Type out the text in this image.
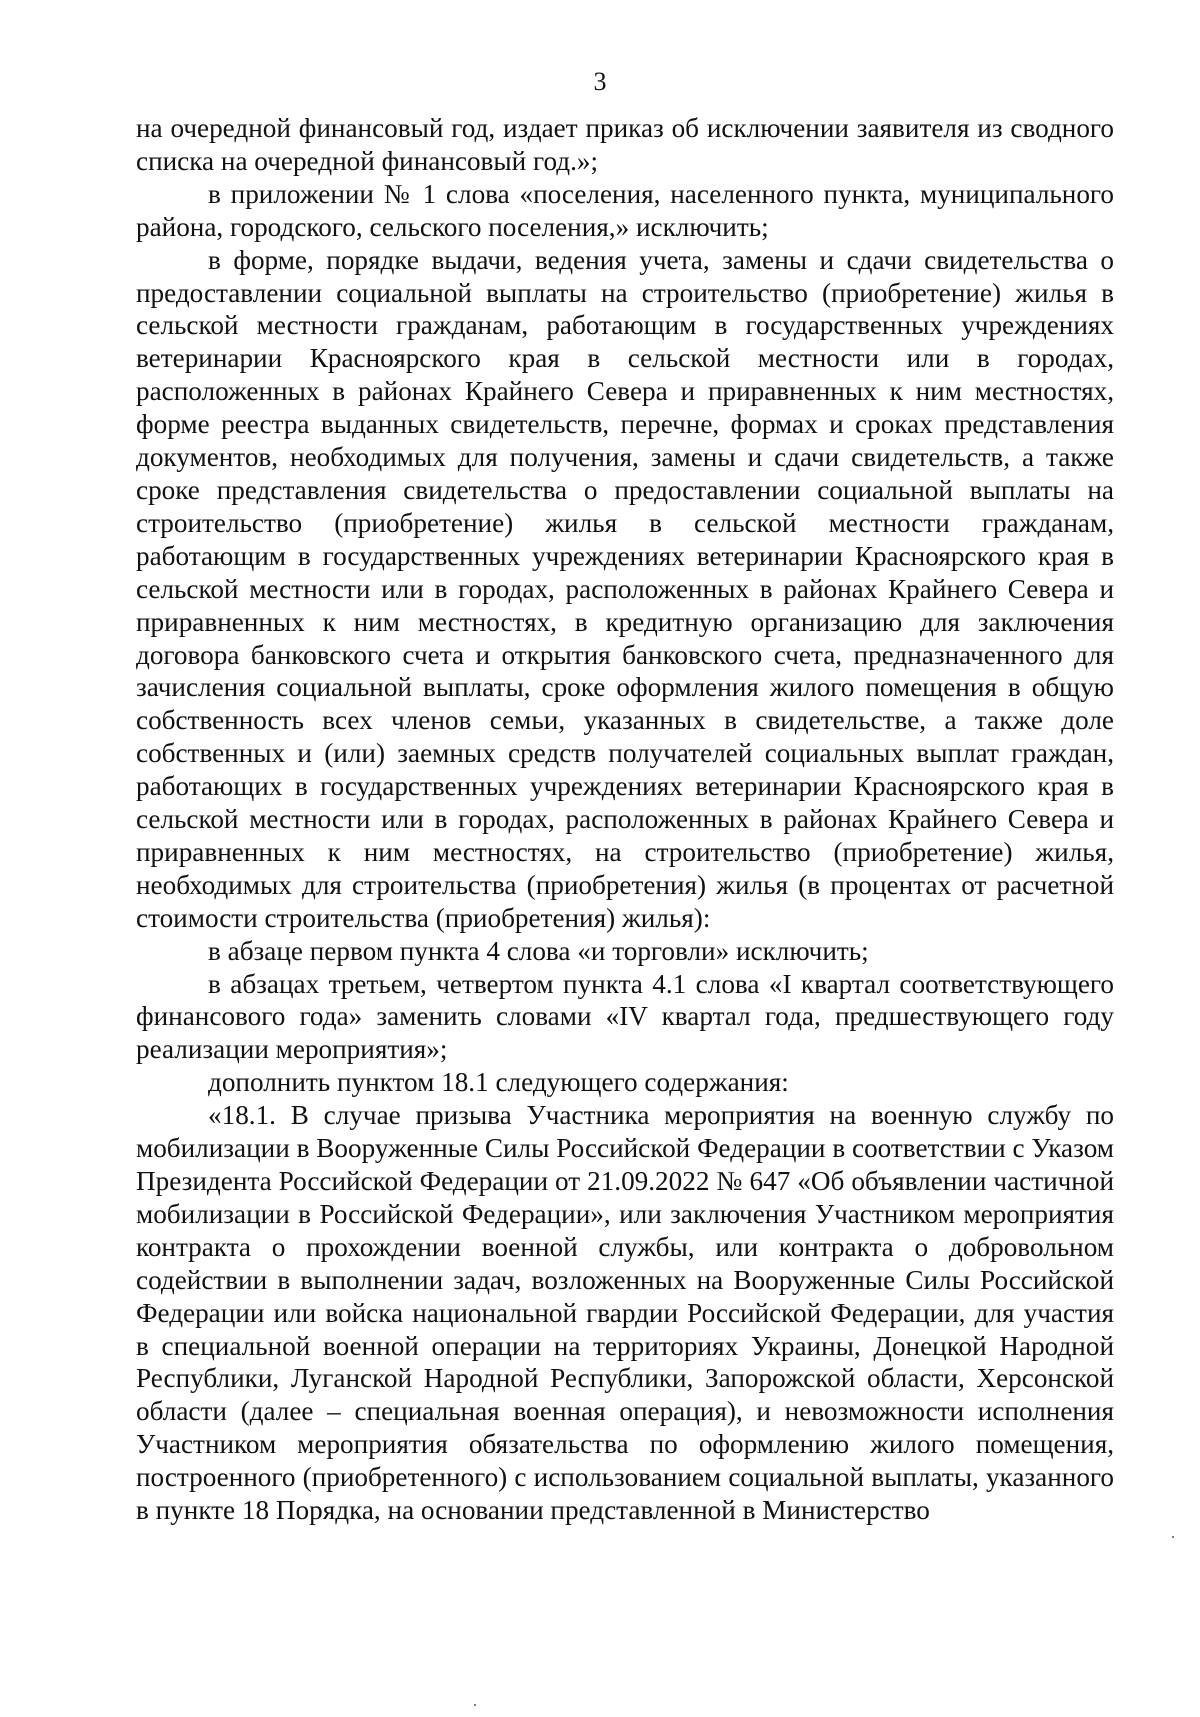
3

на очередной финансовый год, издает приказ об исключении заявителя из сводного списка на очередной финансовый год.»;

в приложении № 1 слова «поселения, населенного пункта, муниципального района, городского, сельского поселения,» исключить;

в форме, порядке выдачи, ведения учета, замены и сдачи свидетельства о предоставлении социальной выплаты на строительство (приобретение) жилья в сельской местности гражданам, работающим в государственных учреждениях ветеринарии Красноярского края в сельской местности или в городах, расположенных в районах Крайнего Севера и приравненных к ним местностях, форме реестра выданных свидетельств, перечне, формах и сроках представления документов, необходимых для получения, замены и сдачи свидетельств, а также сроке представления свидетельства о предоставлении социальной выплаты на строительство (приобретение) жилья в сельской местности гражданам, работающим в государственных учреждениях ветеринарии Красноярского края в сельской местности или в городах, расположенных в районах Крайнего Севера и приравненных к ним местностях, в кредитную организацию для заключения договора банковского счета и открытия банковского счета, предназначенного для зачисления социальной выплаты, сроке оформления жилого помещения в общую собственность всех членов семьи, указанных в свидетельстве, а также доле собственных и (или) заемных средств получателей социальных выплат граждан, работающих в государственных учреждениях ветеринарии Красноярского края в сельской местности или в городах, расположенных в районах Крайнего Севера и приравненных к ним местностях, на строительство (приобретение) жилья, необходимых для строительства (приобретения) жилья (в процентах от расчетной стоимости строительства (приобретения) жилья):

в абзаце первом пункта 4 слова «и торговли» исключить;

в абзацах третьем, четвертом пункта 4.1 слова «I квартал соответствующего финансового года» заменить словами «IV квартал года, предшествующего году реализации мероприятия»;

дополнить пунктом 18.1 следующего содержания:

«18.1. В случае призыва Участника мероприятия на военную службу по мобилизации в Вооруженные Силы Российской Федерации в соответствии с Указом Президента Российской Федерации от 21.09.2022 № 647 «Об объявлении частичной мобилизации в Российской Федерации», или заключения Участником мероприятия контракта о прохождении военной службы, или контракта о добровольном содействии в выполнении задач, возложенных на Вооруженные Силы Российской Федерации или войска национальной гвардии Российской Федерации, для участия в специальной военной операции на территориях Украины, Донецкой Народной Республики, Луганской Народной Республики, Запорожской области, Херсонской области (далее – специальная военная операция), и невозможности исполнения Участником мероприятия обязательства по оформлению жилого помещения, построенного (приобретенного) с использованием социальной выплаты, указанного в пункте 18 Порядка, на основании представленной в Министерство
